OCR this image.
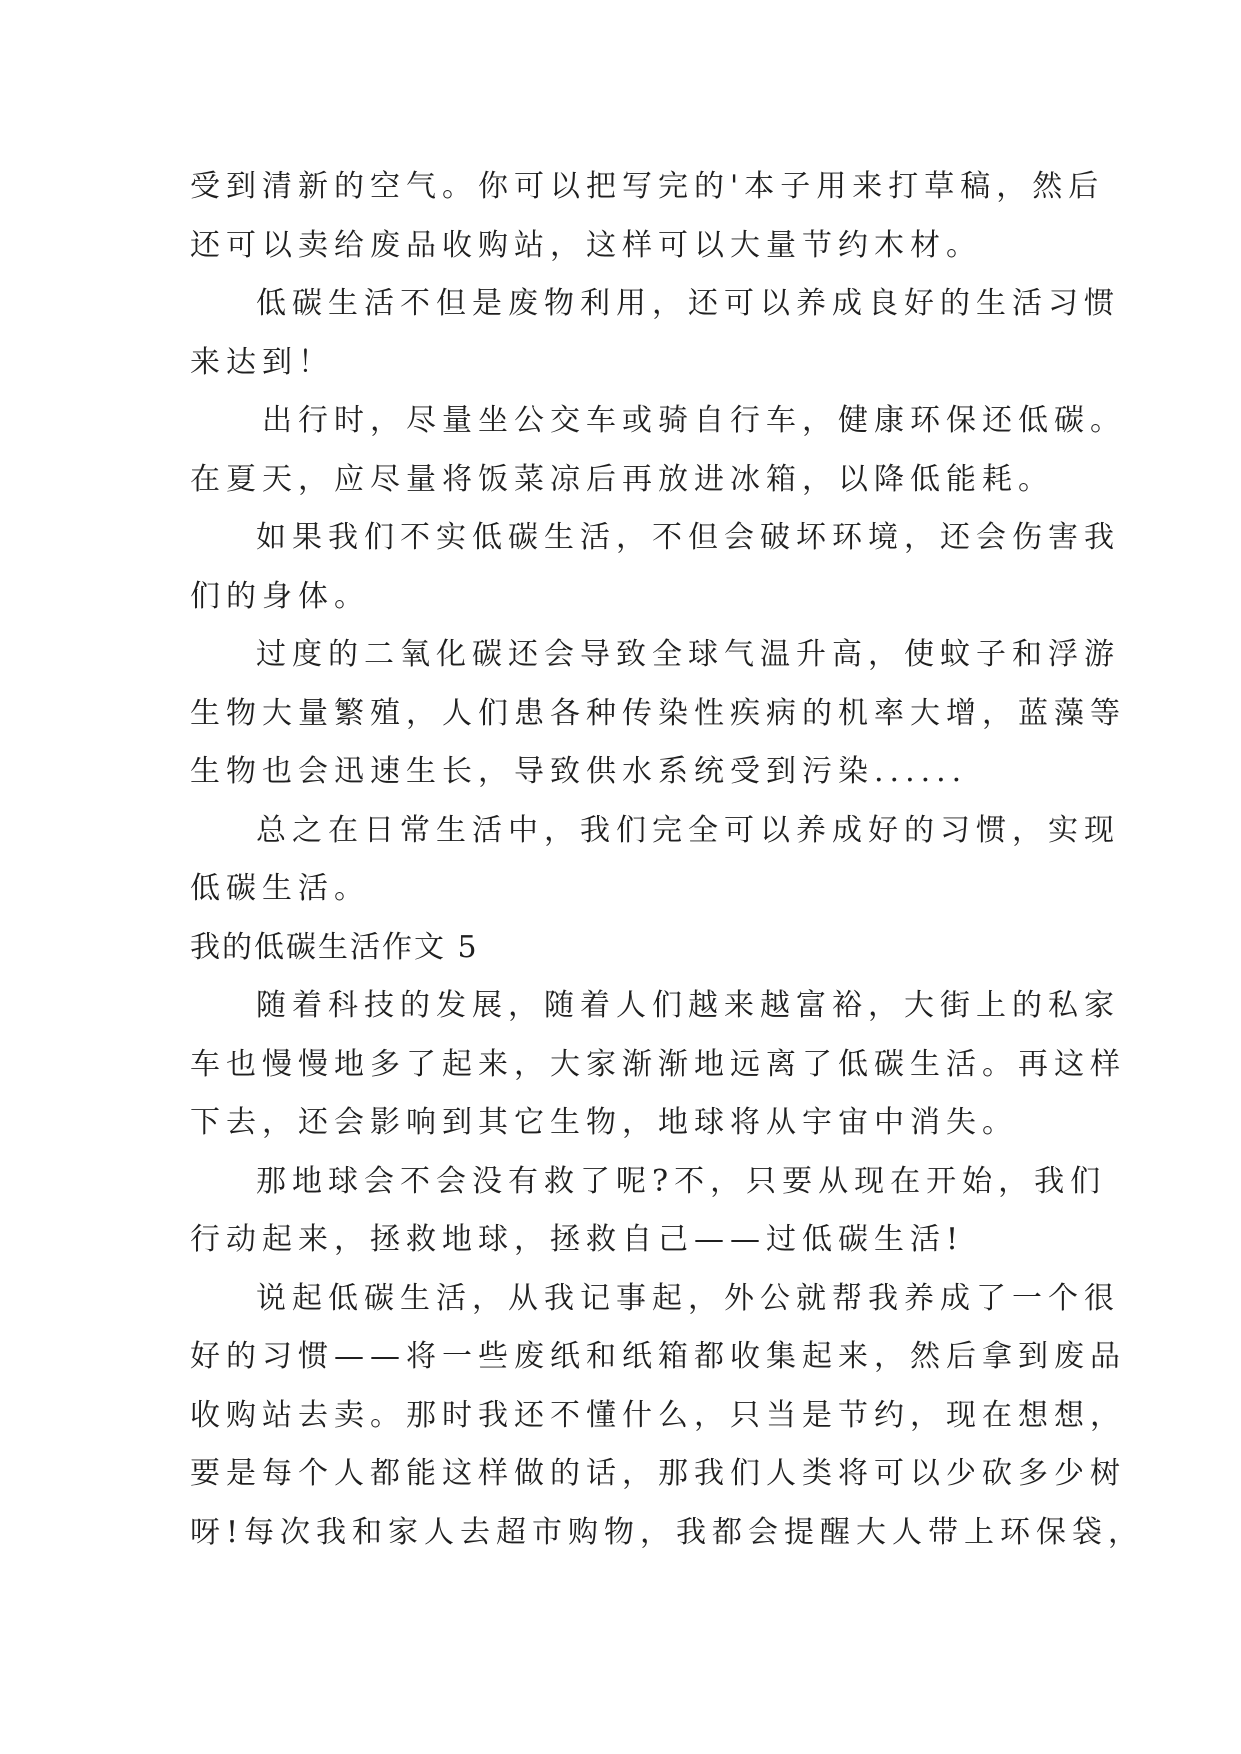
受到清新的空气。你可以把写完的'本子用来打草稿，然后
还可以卖给废品收购站，这样可以大量节约木材。
低碳生活不但是废物利用，还可以养成良好的生活习惯
来达到！
出行时，尽量坐公交车或骑自行车，健康环保还低碳。
在夏天，应尽量将饭菜凉后再放进冰箱，以降低能耗。
如果我们不实低碳生活，不但会破坏环境，还会伤害我
们的身体。
过度的二氧化碳还会导致全球气温升高，使蚊子和浮游
生物大量繁殖，人们患各种传染性疾病的机率大增，蓝藻等
生物也会迅速生长，导致供水系统受到污染......
总之在日常生活中，我们完全可以养成好的习惯，实现
低碳生活。
我的低碳生活作文 5
随着科技的发展，随着人们越来越富裕，大街上的私家
车也慢慢地多了起来，大家渐渐地远离了低碳生活。再这样
下去，还会影响到其它生物，地球将从宇宙中消失。
那地球会不会没有救了呢?不，只要从现在开始，我们
行动起来，拯救地球，拯救自己——过低碳生活!
说起低碳生活，从我记事起，外公就帮我养成了一个很
好的习惯——将一些废纸和纸箱都收集起来，然后拿到废品
收购站去卖。那时我还不懂什么，只当是节约，现在想想，
要是每个人都能这样做的话，那我们人类将可以少砍多少树
呀!每次我和家人去超市购物，我都会提醒大人带上环保袋，
